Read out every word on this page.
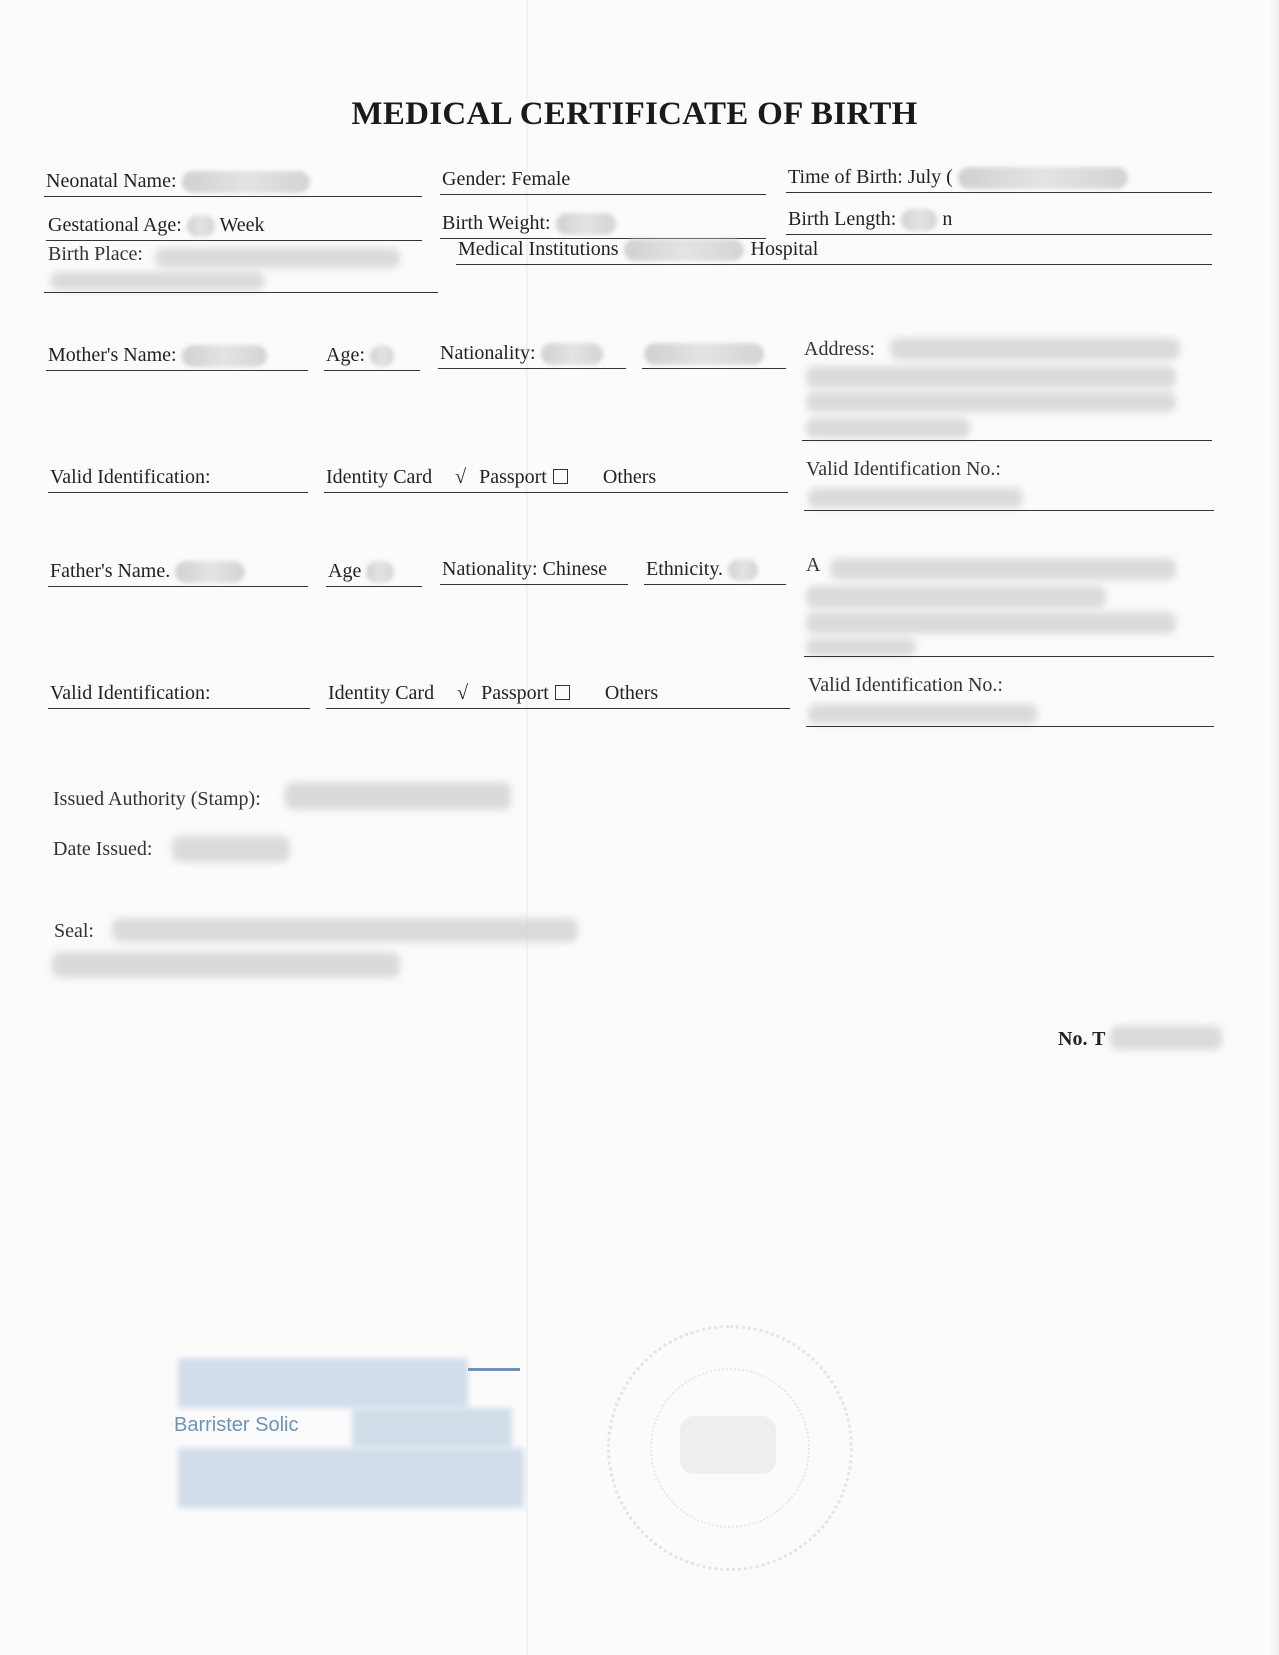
MEDICAL CERTIFICATE OF BIRTH
Neonatal Name:	Gender: Female	Time of Birth: July (
Gestational Age: Week	Birth Weight:	Birth Length: n
Birth Place:	Medical Institutions	Hospital
Mother's Name:	Age:	Nationality:	Address:
Valid Identification:	Identity Card √ Passport	Others	Valid Identification No.:
Father's Name.	Age	Nationality: Chinese	Ethnicity.	A
Valid Identification:	Identity Card √ Passport	Others	Valid Identification No.:
Issued Authority (Stamp):
Date Issued:
Seal:
No. T
Barrister Solic
